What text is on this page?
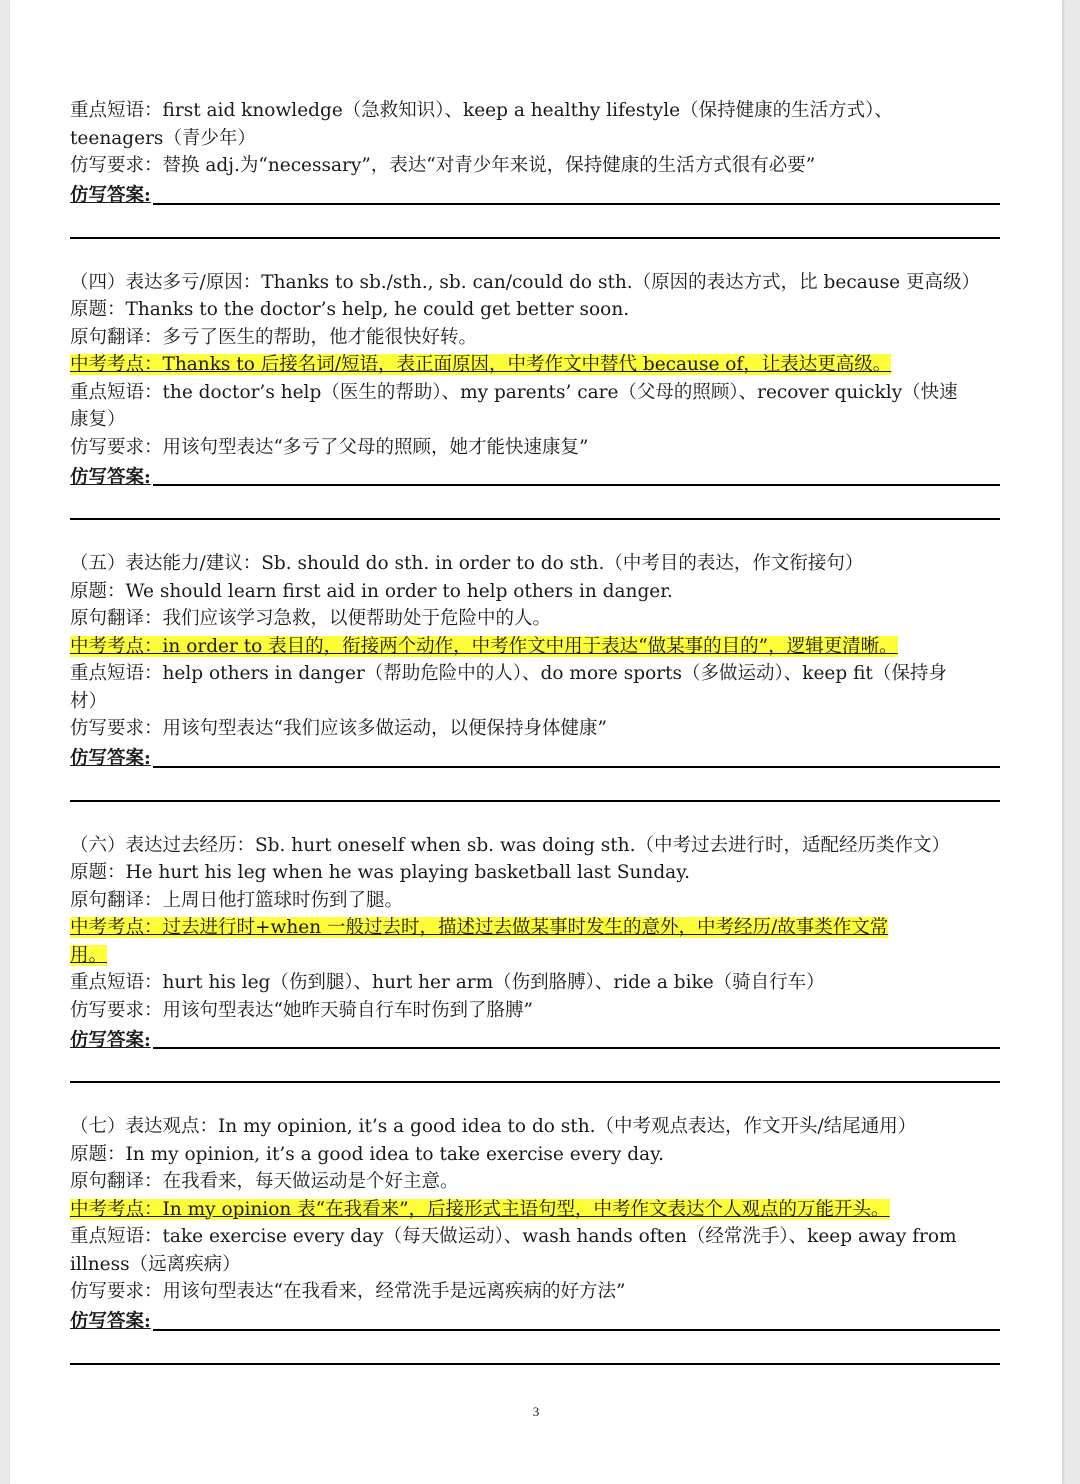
重点短语：first aid knowledge（急救知识）、keep a healthy lifestyle（保持健康的生活方式）、
teenagers（青少年）
仿写要求：替换 adj.为“necessary”，表达“对青少年来说，保持健康的生活方式很有必要”
仿写答案:
（四）表达多亏/原因：Thanks to sb./sth., sb. can/could do sth.（原因的表达方式，比 because 更高级）
原题：Thanks to the doctor’s help, he could get better soon.
原句翻译：多亏了医生的帮助，他才能很快好转。
中考考点：Thanks to 后接名词/短语，表正面原因，中考作文中替代 because of，让表达更高级。
重点短语：the doctor’s help（医生的帮助）、my parents’ care（父母的照顾）、recover quickly（快速
康复）
仿写要求：用该句型表达“多亏了父母的照顾，她才能快速康复”
仿写答案:
（五）表达能力/建议：Sb. should do sth. in order to do sth.（中考目的表达，作文衔接句）
原题：We should learn first aid in order to help others in danger.
原句翻译：我们应该学习急救，以便帮助处于危险中的人。
中考考点：in order to 表目的，衔接两个动作，中考作文中用于表达“做某事的目的”，逻辑更清晰。
重点短语：help others in danger（帮助危险中的人）、do more sports（多做运动）、keep fit（保持身
材）
仿写要求：用该句型表达“我们应该多做运动，以便保持身体健康”
仿写答案:
（六）表达过去经历：Sb. hurt oneself when sb. was doing sth.（中考过去进行时，适配经历类作文）
原题：He hurt his leg when he was playing basketball last Sunday.
原句翻译：上周日他打篮球时伤到了腿。
中考考点：过去进行时+when 一般过去时，描述过去做某事时发生的意外，中考经历/故事类作文常
用。
重点短语：hurt his leg（伤到腿）、hurt her arm（伤到胳膊）、ride a bike（骑自行车）
仿写要求：用该句型表达“她昨天骑自行车时伤到了胳膊”
仿写答案:
（七）表达观点：In my opinion, it’s a good idea to do sth.（中考观点表达，作文开头/结尾通用）
原题：In my opinion, it’s a good idea to take exercise every day.
原句翻译：在我看来，每天做运动是个好主意。
中考考点：In my opinion 表“在我看来”，后接形式主语句型，中考作文表达个人观点的万能开头。
重点短语：take exercise every day（每天做运动）、wash hands often（经常洗手）、keep away from
illness（远离疾病）
仿写要求：用该句型表达“在我看来，经常洗手是远离疾病的好方法”
仿写答案:
3
